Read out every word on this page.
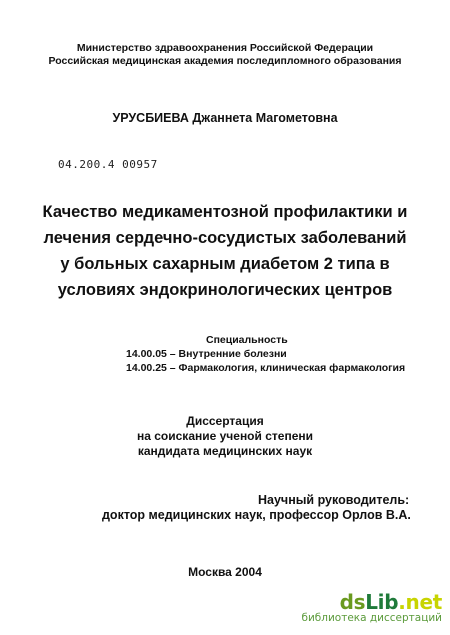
Министерство здравоохранения Российской Федерации
Российская медицинская академия последипломного образования
УРУСБИЕВА Джаннета Магометовна
04.200.4 00957
Качество медикаментозной профилактики и
лечения сердечно-сосудистых заболеваний
у больных сахарным диабетом 2 типа в
условиях эндокринологических центров
Специальность
14.00.05 – Внутренние болезни
14.00.25 – Фармакология, клиническая фармакология
Диссертация
на соискание ученой степени
кандидата медицинских наук
Научный руководитель:
доктор медицинских наук, профессор Орлов В.А.
Москва 2004
dsLib.net
библиотека диссертаций
